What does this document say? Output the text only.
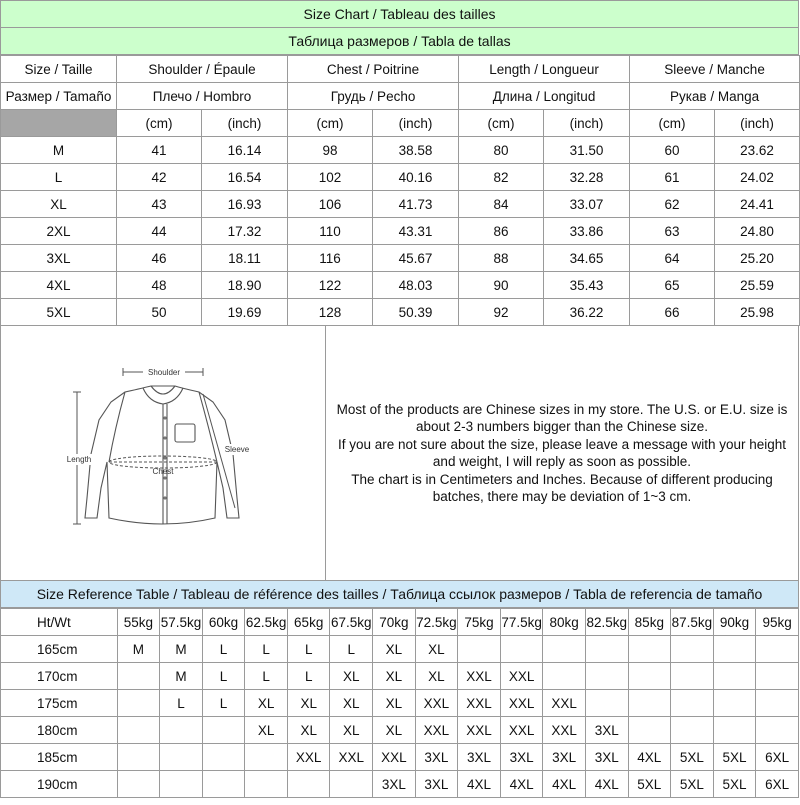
Size Chart / Tableau des tailles
Таблица размеров / Tabla de tallas
Size / Taille	Shoulder / Épaule		Chest / Poitrine		Length / Longueur		Sleeve / Manche	
Размер / Tamaño	Плечо / Hombro		Грудь / Pecho		Длина / Longitud		Рукав / Manga	
	(cm)	(inch)	(cm)	(inch)	(cm)	(inch)	(cm)	(inch)
M	41	16.14	98	38.58	80	31.50	60	23.62
L	42	16.54	102	40.16	82	32.28	61	24.02
XL	43	16.93	106	41.73	84	33.07	62	24.41
2XL	44	17.32	110	43.31	86	33.86	63	24.80
3XL	46	18.11	116	45.67	88	34.65	64	25.20
4XL	48	18.90	122	48.03	90	35.43	65	25.59
5XL	50	19.69	128	50.39	92	36.22	66	25.98
Shoulder
Length
Chest
Sleeve

Most of the products are Chinese sizes in my store. The U.S. or E.U. size is about 2-3 numbers bigger than the Chinese size.
If you are not sure about the size, please leave a message with your height and weight, I will reply as soon as possible.
The chart is in Centimeters and Inches. Because of different producing batches, there may be deviation of 1~3 cm.

Size Reference Table / Tableau de référence des tailles / Таблица ссылок размеров / Tabla de referencia de tamaño
Ht/Wt	55kg	57.5kg	60kg	62.5kg	65kg	67.5kg	70kg	72.5kg	75kg	77.5kg	80kg	82.5kg	85kg	87.5kg	90kg	95kg
165cm	M	M	L	L	L	L	XL	XL								
170cm		M	L	L	L	XL	XL	XL	XXL	XXL						
175cm		L	L	XL	XL	XL	XL	XXL	XXL	XXL	XXL					
180cm				XL	XL	XL	XL	XXL	XXL	XXL	XXL	3XL				
185cm					XXL	XXL	XXL	3XL	3XL	3XL	3XL	3XL	4XL	5XL	5XL	6XL
190cm							3XL	3XL	4XL	4XL	4XL	4XL	5XL	5XL	5XL	6XL
